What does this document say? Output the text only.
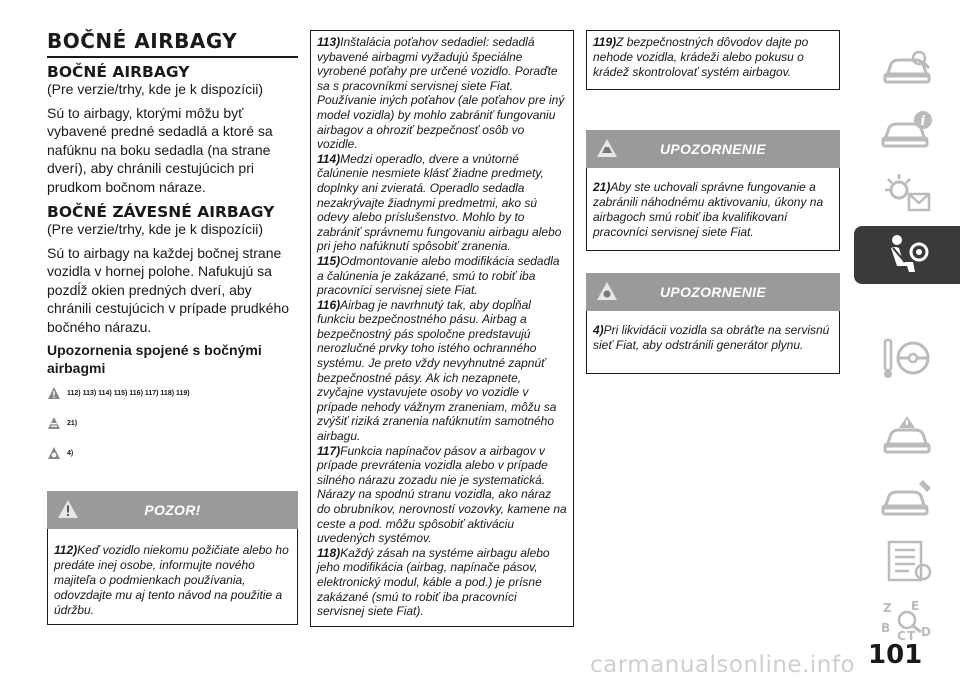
BOČNÉ AIRBAGY
BOČNÉ AIRBAGY

(Pre verzie/trhy, kde je k dispozícii)

Sú to airbagy, ktorými môžu byť vybavené predné sedadlá a ktoré sa nafúknu na boku sedadla (na strane dverí), aby chránili cestujúcich pri prudkom bočnom náraze.

BOČNÉ ZÁVESNÉ AIRBAGY

(Pre verzie/trhy, kde je k dispozícii)

Sú to airbagy na každej bočnej strane vozidla v hornej polohe. Nafukujú sa pozdĺž okien predných dverí, aby chránili cestujúcich v prípade prudkého bočného nárazu.

Upozornenia spojené s bočnými airbagmi

112) 113) 114) 115) 116) 117) 118) 119)
21)
4)
POZOR!
112)Keď vozidlo niekomu požičiate alebo ho predáte inej osobe, informujte nového majiteľa o podmienkach používania, odovzdajte mu aj tento návod na použitie a údržbu.

113)Inštalácia poťahov sedadiel: sedadlá vybavené airbagmi vyžadujú špeciálne vyrobené poťahy pre určené vozidlo. Poraďte sa s pracovníkmi servisnej siete Fiat. Používanie iných poťahov (ale poťahov pre iný model vozidla) by mohlo zabrániť fungovaniu airbagov a ohroziť bezpečnosť osôb vo vozidle.

114)Medzi operadlo, dvere a vnútorné čalúnenie nesmiete klásť žiadne predmety, doplnky ani zvieratá. Operadlo sedadla nezakrývajte žiadnymi predmetmi, ako sú odevy alebo príslušenstvo. Mohlo by to zabrániť správnemu fungovaniu airbagu alebo pri jeho nafúknutí spôsobiť zranenia.

115)Odmontovanie alebo modifikácia sedadla a čalúnenia je zakázané, smú to robiť iba pracovníci servisnej siete Fiat.

116)Airbag je navrhnutý tak, aby dopĺňal funkciu bezpečnostného pásu. Airbag a bezpečnostný pás spoločne predstavujú nerozlučné prvky toho istého ochranného systému. Je preto vždy nevyhnutné zapnúť bezpečnostné pásy. Ak ich nezapnete, zvyčajne vystavujete osoby vo vozidle v prípade nehody vážnym zraneniam, môžu sa zvýšiť riziká zranenia nafúknutím samotného airbagu.

117)Funkcia napínačov pásov a airbagov v prípade prevrátenia vozidla alebo v prípade silného nárazu zozadu nie je systematická. Nárazy na spodnú stranu vozidla, ako náraz do obrubníkov, nerovností vozovky, kamene na ceste a pod. môžu spôsobiť aktiváciu uvedených systémov.

118)Každý zásah na systéme airbagu alebo jeho modifikácia (airbag, napínače pásov, elektronický modul, káble a pod.) je prísne zakázané (smú to robiť iba pracovníci servisnej siete Fiat).

119)Z bezpečnostných dôvodov dajte po nehode vozidla, krádeži alebo pokusu o krádež skontrolovať systém airbagov.
UPOZORNENIE
21)Aby ste uchovali správne fungovanie a zabránili náhodnému aktivovaniu, úkony na airbagoch smú robiť iba kvalifikovaní pracovníci servisnej siete Fiat.
UPOZORNENIE
4)Pri likvidácii vozidla sa obráťte na servisnú sieť Fiat, aby odstránili generátor plynu.
i
Z E
B
C T D
101
carmanualsonline.info
